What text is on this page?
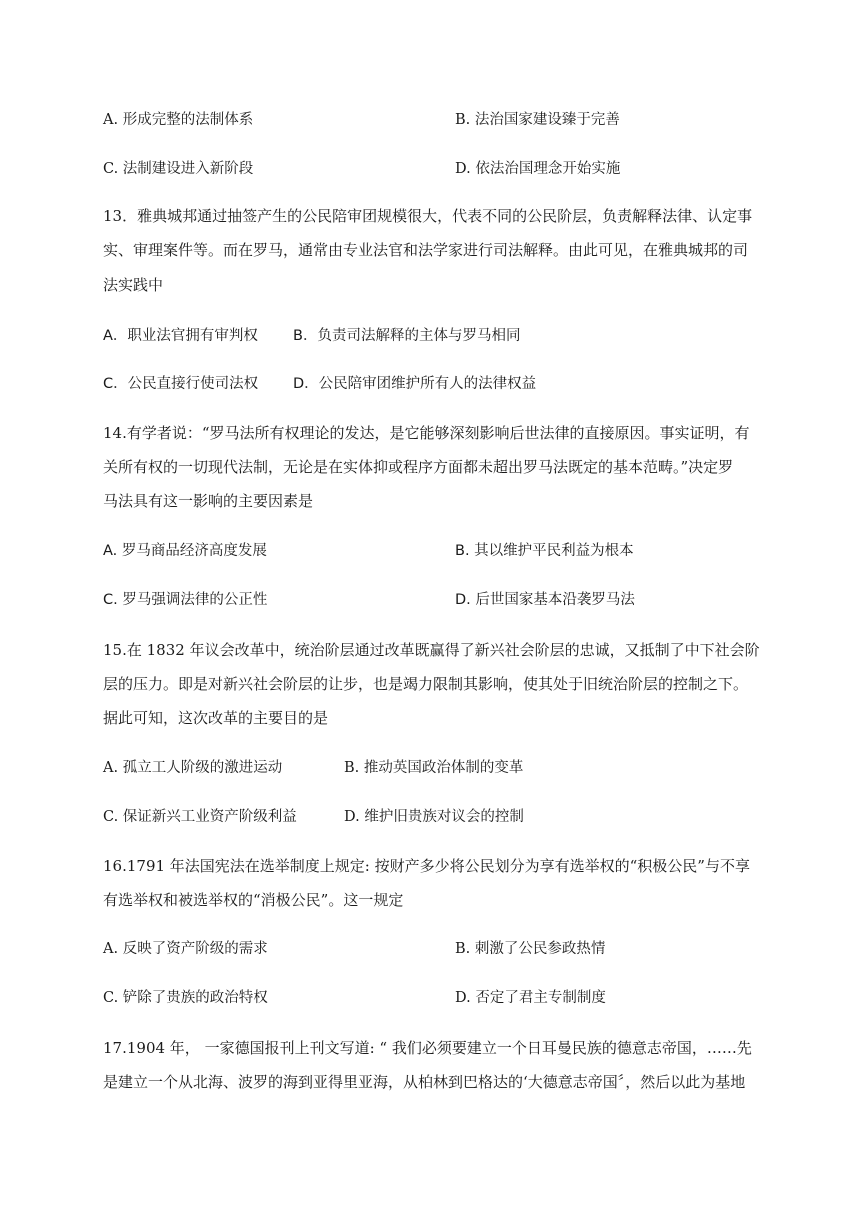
A. 形成完整的法制体系	B. 法治国家建设臻于完善
C. 法制建设进入新阶段	D. 依法治国理念开始实施
13．雅典城邦通过抽签产生的公民陪审团规模很大，代表不同的公民阶层，负责解释法律、认定事
实、审理案件等。而在罗马，通常由专业法官和法学家进行司法解释。由此可见，在雅典城邦的司
法实践中
A．职业法官拥有审判权 B．负责司法解释的主体与罗马相同
C．公民直接行使司法权 D．公民陪审团维护所有人的法律权益
14.有学者说：“罗马法所有权理论的发达，是它能够深刻影响后世法律的直接原因。事实证明，有
关所有权的一切现代法制，无论是在实体抑或程序方面都未超出罗马法既定的基本范畴。”决定罗
马法具有这一影响的主要因素是
A. 罗马商品经济高度发展	B. 其以维护平民利益为根本
C. 罗马强调法律的公正性	D. 后世国家基本沿袭罗马法
15.在 1832 年议会改革中，统治阶层通过改革既赢得了新兴社会阶层的忠诚，又抵制了中下社会阶
层的压力。即是对新兴社会阶层的让步，也是竭力限制其影响，使其处于旧统治阶层的控制之下。
据此可知，这次改革的主要目的是
A. 孤立工人阶级的激进运动	B. 推动英国政治体制的变革
C. 保证新兴工业资产阶级利益	D. 维护旧贵族对议会的控制
16.1791 年法国宪法在选举制度上规定: 按财产多少将公民划分为享有选举权的“积极公民”与不享
有选举权和被选举权的“消极公民”。这一规定
A. 反映了资产阶级的需求	B. 刺激了公民参政热情
C. 铲除了贵族的政治特权	D. 否定了君主专制制度
17.1904 年， 一家德国报刊上刊文写道: “ 我们必须要建立一个日耳曼民族的德意志帝国，……先
是建立一个从北海、波罗的海到亚得里亚海，从柏林到巴格达的‘大德意志帝国〞，然后以此为基地
